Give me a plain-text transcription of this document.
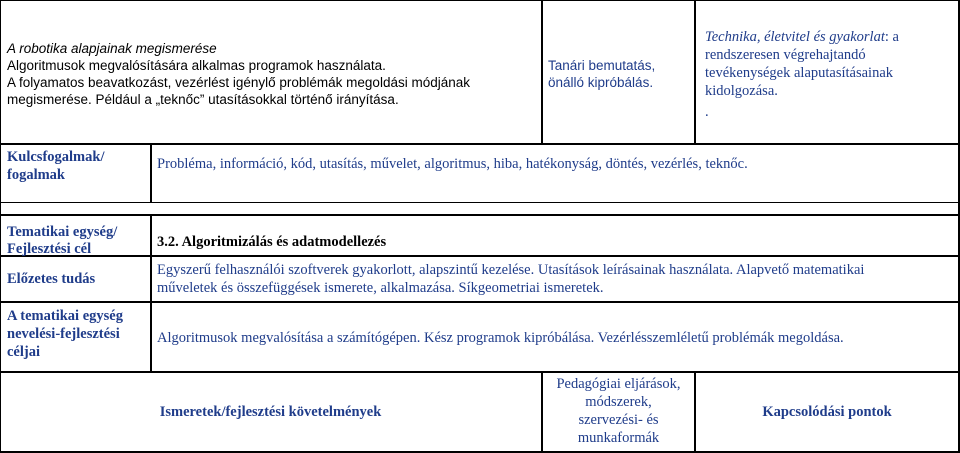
A robotika alapjainak megismerése
Algoritmusok megvalósítására alkalmas programok használata.
A folyamatos beavatkozást, vezérlést igénylő problémák megoldási módjának
megismerése. Például a „teknőc” utasításokkal történő irányítása.
Tanári bemutatás,
önálló kipróbálás.
Technika, életvitel és gyakorlat: a rendszeresen végrehajtandó tevékenységek alaputasításainak kidolgozása.
.
Kulcsfogalmak/
fogalmak
Probléma, információ, kód, utasítás, művelet, algoritmus, hiba, hatékonyság, döntés, vezérlés, teknőc.
Tematikai egység/
Fejlesztési cél	3.2. Algoritmizálás és adatmodellezés
Előzetes tudás
Egyszerű felhasználói szoftverek gyakorlott, alapszintű kezelése. Utasítások leírásainak használata. Alapvető matematikai
műveletek és összefüggések ismerete, alkalmazása. Síkgeometriai ismeretek.
A tematikai egység
nevelési-fejlesztési
céljai
Algoritmusok megvalósítása a számítógépen. Kész programok kipróbálása. Vezérlésszemléletű problémák megoldása.
Ismeretek/fejlesztési követelmények
Pedagógiai eljárások,
módszerek,
szervezési- és
munkaformák
Kapcsolódási pontok
